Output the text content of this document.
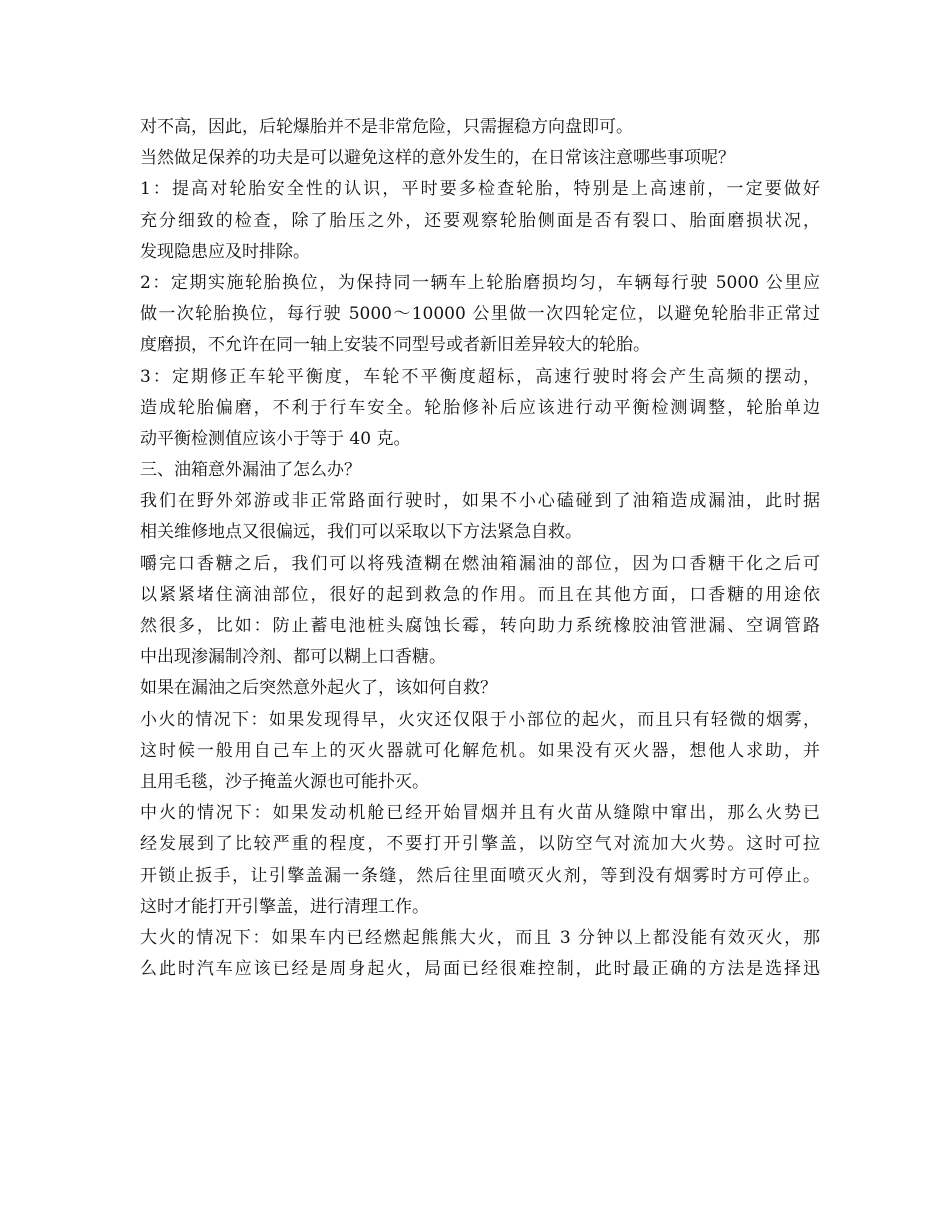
对不高，因此，后轮爆胎并不是非常危险，只需握稳方向盘即可。
当然做足保养的功夫是可以避免这样的意外发生的，在日常该注意哪些事项呢？
1：提高对轮胎安全性的认识，平时要多检查轮胎，特别是上高速前，一定要做好
充分细致的检查，除了胎压之外，还要观察轮胎侧面是否有裂口、胎面磨损状况，
发现隐患应及时排除。
2：定期实施轮胎换位，为保持同一辆车上轮胎磨损均匀，车辆每行驶 5000 公里应
做一次轮胎换位，每行驶 5000～10000 公里做一次四轮定位，以避免轮胎非正常过
度磨损，不允许在同一轴上安装不同型号或者新旧差异较大的轮胎。
3：定期修正车轮平衡度，车轮不平衡度超标，高速行驶时将会产生高频的摆动，
造成轮胎偏磨，不利于行车安全。轮胎修补后应该进行动平衡检测调整，轮胎单边
动平衡检测值应该小于等于 40 克。
三、油箱意外漏油了怎么办？
我们在野外郊游或非正常路面行驶时，如果不小心磕碰到了油箱造成漏油，此时据
相关维修地点又很偏远，我们可以采取以下方法紧急自救。
嚼完口香糖之后，我们可以将残渣糊在燃油箱漏油的部位，因为口香糖干化之后可
以紧紧堵住滴油部位，很好的起到救急的作用。而且在其他方面，口香糖的用途依
然很多，比如：防止蓄电池桩头腐蚀长霉，转向助力系统橡胶油管泄漏、空调管路
中出现渗漏制冷剂、都可以糊上口香糖。
如果在漏油之后突然意外起火了，该如何自救？
小火的情况下：如果发现得早，火灾还仅限于小部位的起火，而且只有轻微的烟雾，
这时候一般用自己车上的灭火器就可化解危机。如果没有灭火器，想他人求助，并
且用毛毯，沙子掩盖火源也可能扑灭。
中火的情况下：如果发动机舱已经开始冒烟并且有火苗从缝隙中窜出，那么火势已
经发展到了比较严重的程度，不要打开引擎盖，以防空气对流加大火势。这时可拉
开锁止扳手，让引擎盖漏一条缝，然后往里面喷灭火剂，等到没有烟雾时方可停止。
这时才能打开引擎盖，进行清理工作。
大火的情况下：如果车内已经燃起熊熊大火，而且 3 分钟以上都没能有效灭火，那
么此时汽车应该已经是周身起火，局面已经很难控制，此时最正确的方法是选择迅
